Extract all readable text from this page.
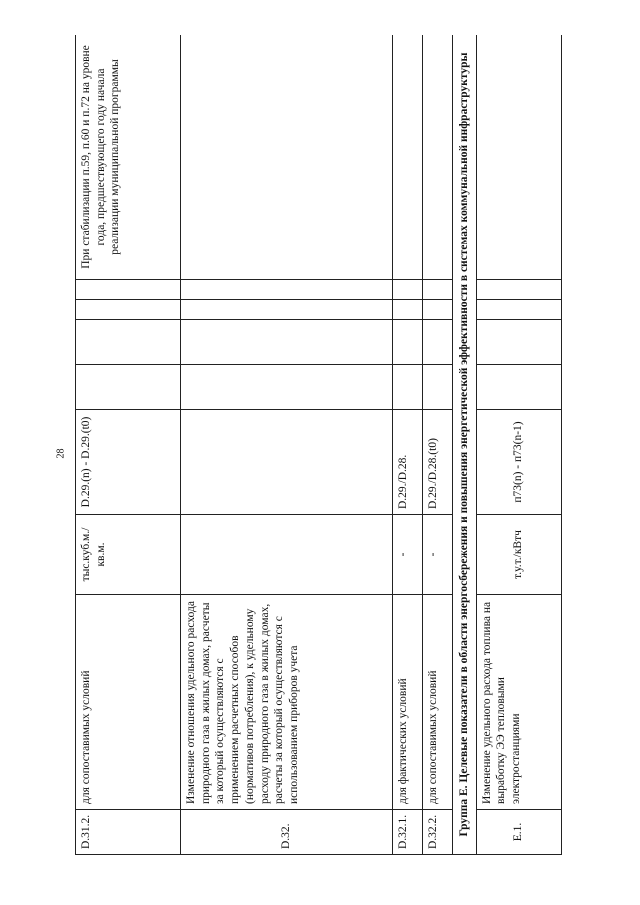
28
D.31.2.	для сопоставимых условий	тыс.куб.м./ кв.м.	D.29.(n) - D.29.(t0)					При стабилизации п.59, п.60 и п.72 на уровне года, предшествующего году начала реализации муниципальной программы
D.32.	Изменение отношения удельного расхода природного газа в жилых домах, расчеты за который осуществляются с применением расчетных способов (нормативов потребления), к удельному расходу природного газа в жилых домах, расчеты за который осуществляются с использованием приборов учета							
D.32.1.	для фактических условий	-	D.29./D.28.					
D.32.2.	для сопоставимых условий	-	D.29./D.28.(t0)					
Группа Е. Целевые показатели в области энергосбережения и повышения энергетической эффективности в системах коммунальной инфраструктуры								
Е.1.	Изменение удельного расхода топлива на выработку ЭЭ тепловыми электростанциями	т.у.т./кВтч	п73(n) - п73(n-1)					
